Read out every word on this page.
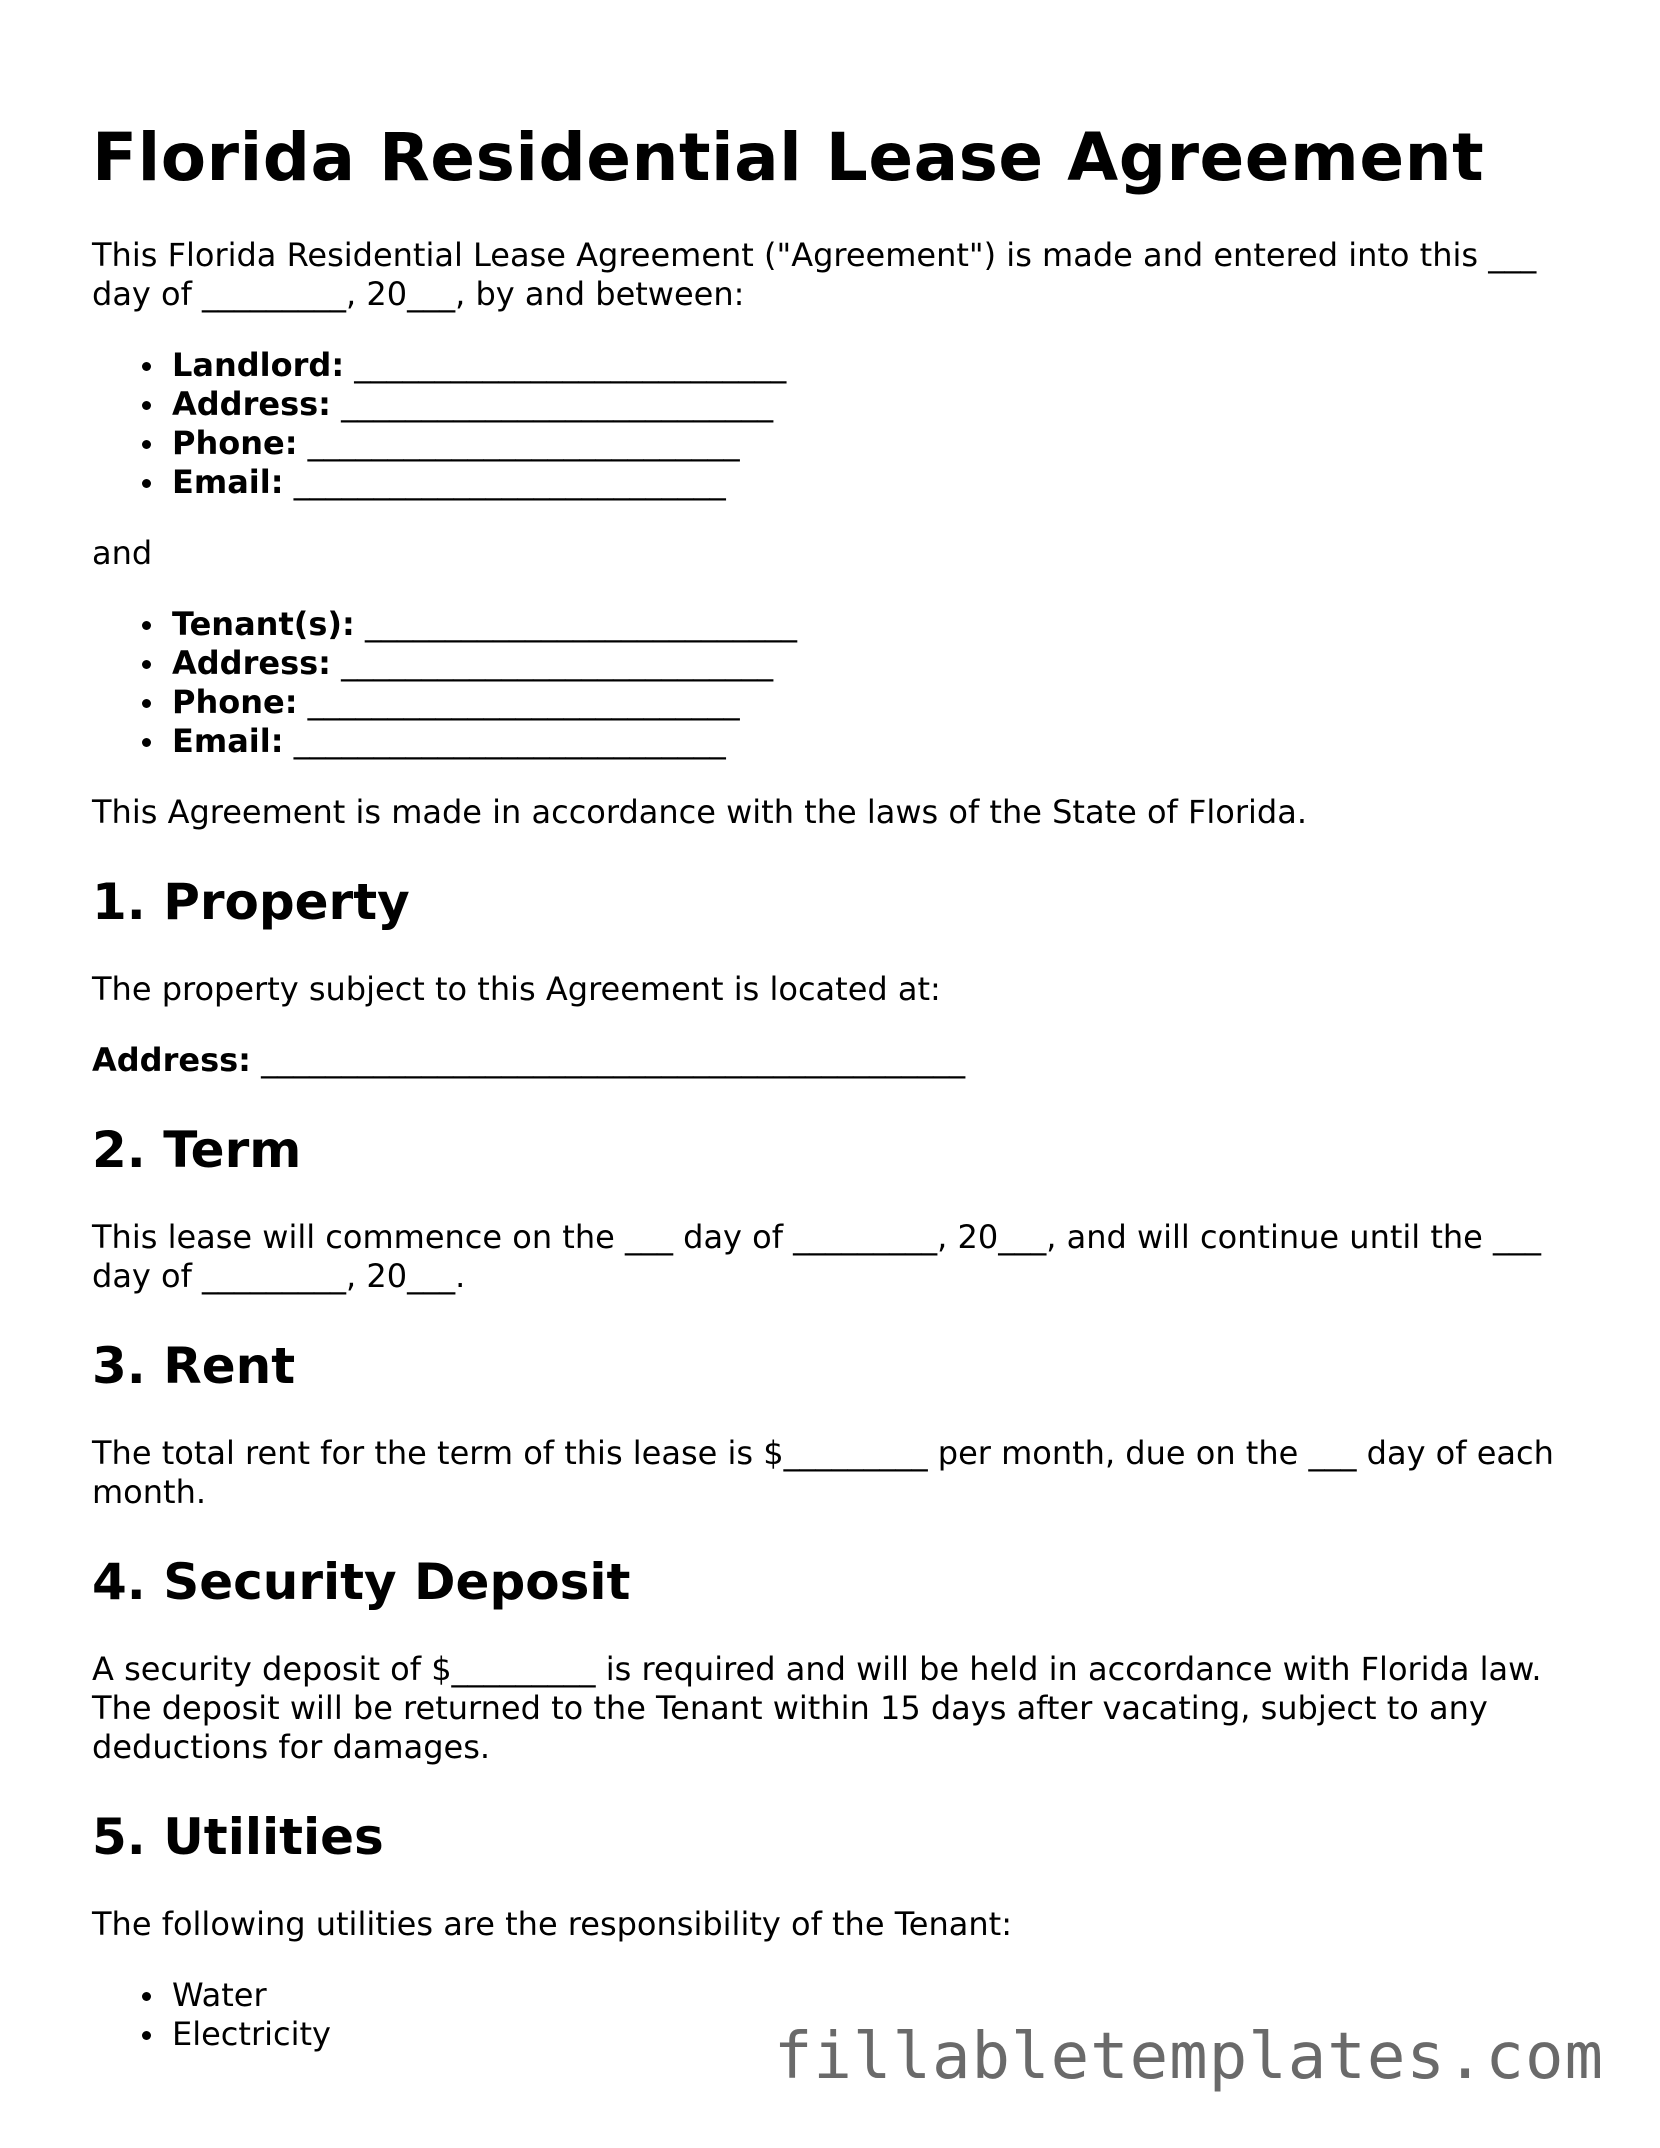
Florida Residential Lease Agreement

This Florida Residential Lease Agreement ("Agreement") is made and entered into this ___ day of _________, 20___, by and between:

Landlord: ___________________________
Address: ___________________________
Phone: ___________________________
Email: ___________________________

and

Tenant(s): ___________________________
Address: ___________________________
Phone: ___________________________
Email: ___________________________

This Agreement is made in accordance with the laws of the State of Florida.

1. Property

The property subject to this Agreement is located at:

Address: ____________________________________________

2. Term

This lease will commence on the ___ day of _________, 20___, and will continue until the ___ day of _________, 20___.

3. Rent

The total rent for the term of this lease is $_________ per month, due on the ___ day of each month.

4. Security Deposit

A security deposit of $_________ is required and will be held in accordance with Florida law. The deposit will be returned to the Tenant within 15 days after vacating, subject to any deductions for damages.

5. Utilities

The following utilities are the responsibility of the Tenant:

Water
Electricity	fillabletemplates.com
